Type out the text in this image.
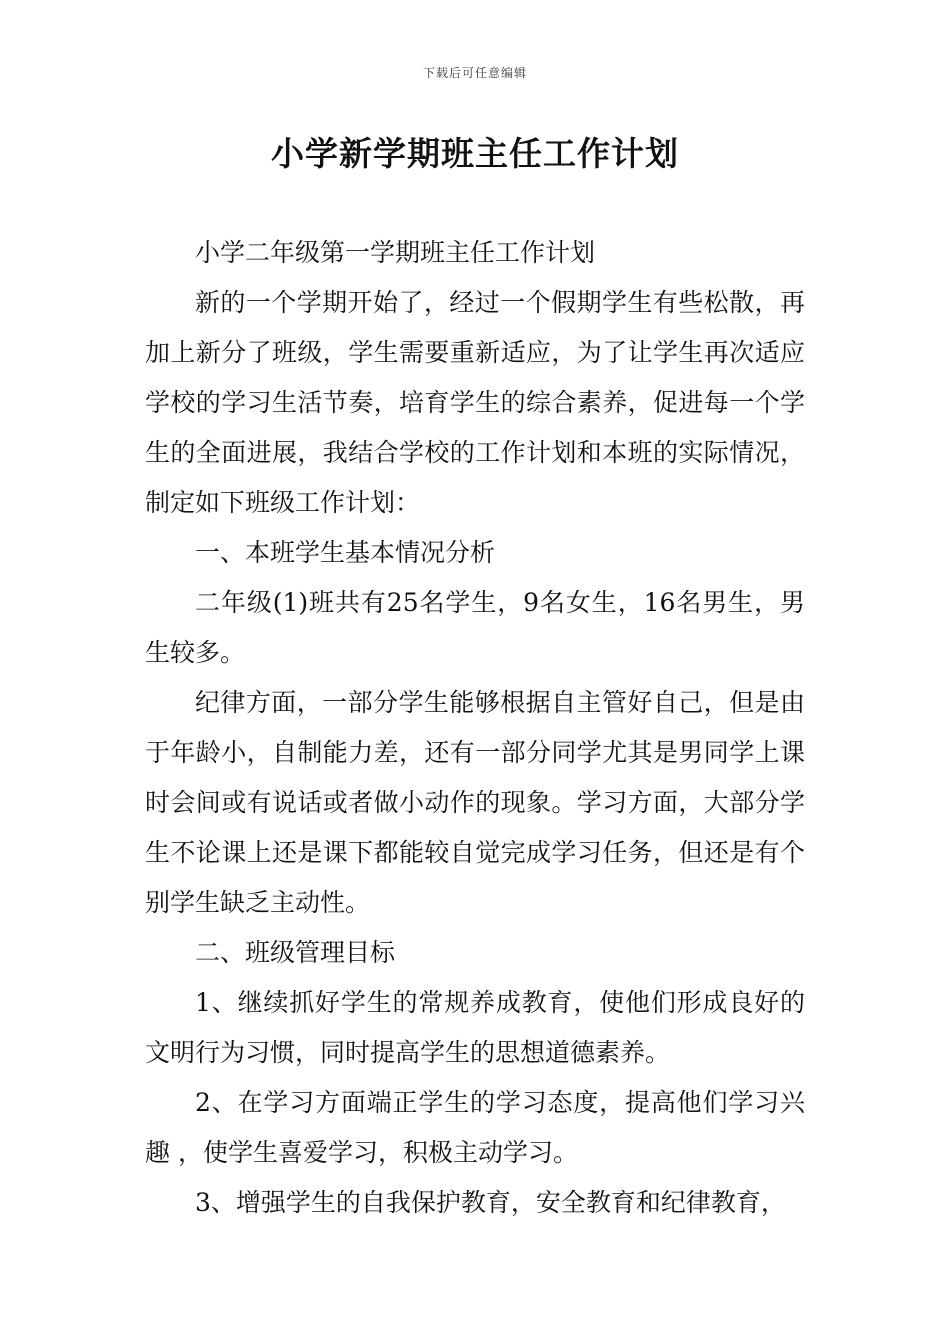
下载后可任意编辑
小学新学期班主任工作计划

小学二年级第一学期班主任工作计划

新的一个学期开始了，经过一个假期学生有些松散，再加上新分了班级，学生需要重新适应，为了让学生再次适应学校的学习生活节奏，培育学生的综合素养，促进每一个学生的全面进展，我结合学校的工作计划和本班的实际情况，制定如下班级工作计划：

一、本班学生基本情况分析

二年级(1)班共有25名学生，9名女生，16名男生，男生较多。

纪律方面，一部分学生能够根据自主管好自己，但是由于年龄小，自制能力差，还有一部分同学尤其是男同学上课时会间或有说话或者做小动作的现象。学习方面，大部分学生不论课上还是课下都能较自觉完成学习任务，但还是有个别学生缺乏主动性。

二、班级管理目标

1、继续抓好学生的常规养成教育，使他们形成良好的文明行为习惯，同时提高学生的思想道德素养。

2、在学习方面端正学生的学习态度，提高他们学习兴趣 ，使学生喜爱学习，积极主动学习。

3、增强学生的自我保护教育，安全教育和纪律教育，
